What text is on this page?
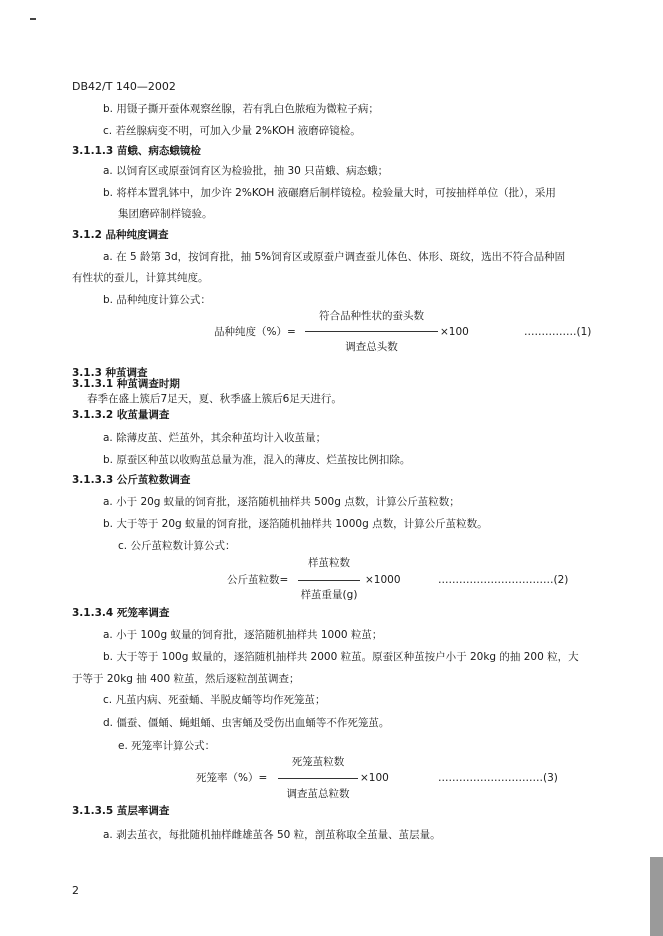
DB42/T 140—2002
b. 用镊子撕开蚕体观察丝腺，若有乳白色脓疱为微粒子病；
c. 若丝腺病变不明，可加入少量 2%KOH 液磨碎镜检。
3.1.1.3 苗蛾、病态蛾镜检
a. 以饲育区或原蚕饲育区为检验批，抽 30 只苗蛾、病态蛾；
b. 将样本置乳钵中，加少许 2%KOH 液碾磨后制样镜检。检验量大时，可按抽样单位（批），采用
集团磨碎制样镜验。
3.1.2 品种纯度调查
a. 在 5 龄第 3d，按饲育批，抽 5%饲育区或原蚕户调查蚕儿体色、体形、斑纹，选出不符合品种固
有性状的蚕儿，计算其纯度。
b. 品种纯度计算公式：
品种纯度（%）=
符合品种性状的蚕头数
调查总头数
×100	……………(1)
3.1.3 种茧调查
3.1.3.1 种茧调查时期
春季在盛上簇后7足天，夏、秋季盛上簇后6足天进行。
3.1.3.2 收茧量调查
a. 除薄皮茧、烂茧外，其余种茧均计入收茧量；
b. 原蚕区种茧以收购茧总量为准，混入的薄皮、烂茧按比例扣除。
3.1.3.3 公斤茧粒数调查
a. 小于 20g 蚁量的饲育批，逐箔随机抽样共 500g 点数，计算公斤茧粒数；
b. 大于等于 20g 蚁量的饲育批，逐箔随机抽样共 1000g 点数，计算公斤茧粒数。
c. 公斤茧粒数计算公式：
公斤茧粒数=
样茧粒数
样茧重量(g)
×1000	……………………………(2)
3.1.3.4 死笼率调查
a. 小于 100g 蚁量的饲育批，逐箔随机抽样共 1000 粒茧；
b. 大于等于 100g 蚁量的，逐箔随机抽样共 2000 粒茧。原蚕区种茧按户小于 20kg 的抽 200 粒，大
于等于 20kg 抽 400 粒茧，然后逐粒剖茧调查；
c. 凡茧内病、死蚕蛹、半脱皮蛹等均作死笼茧；
d. 僵蚕、僵蛹、蝇蛆蛹、虫害蛹及受伤出血蛹等不作死笼茧。
e. 死笼率计算公式：
死笼率（%）=
死笼茧粒数
调查茧总粒数
×100	…………………………(3)
3.1.3.5 茧层率调查
a. 剥去茧衣，每批随机抽样雌雄茧各 50 粒，剖茧称取全茧量、茧层量。
2
